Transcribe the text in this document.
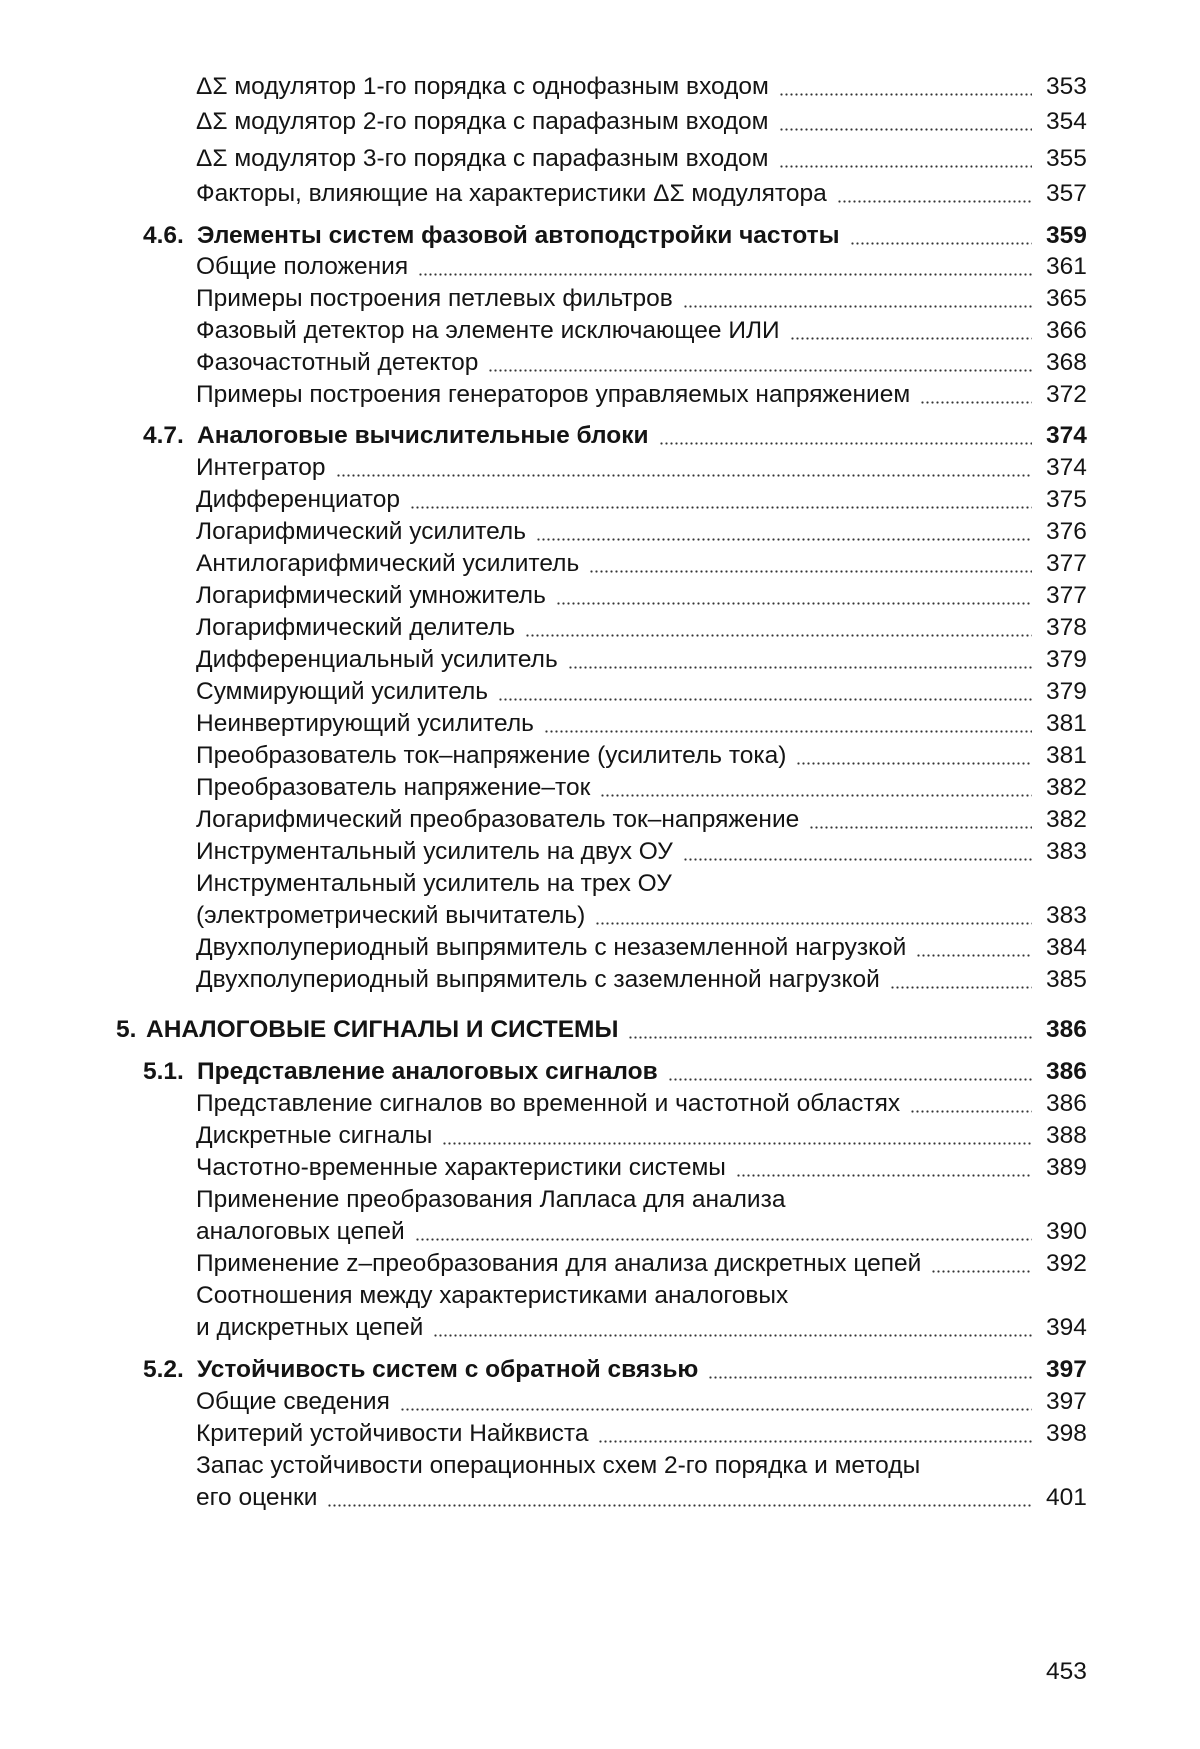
ΔΣ модулятор 1-го порядка с однофазным входом	353
ΔΣ модулятор 2-го порядка с парафазным входом	354
ΔΣ модулятор 3-го порядка с парафазным входом	355
Факторы, влияющие на характеристики ΔΣ модулятора	357
4.6. Элементы систем фазовой автоподстройки частоты	359
Общие положения	361
Примеры построения петлевых фильтров	365
Фазовый детектор на элементе исключающее ИЛИ	366
Фазочастотный детектор	368
Примеры построения генераторов управляемых напряжением	372
4.7. Аналоговые вычислительные блоки	374
Интегратор	374
Дифференциатор	375
Логарифмический усилитель	376
Антилогарифмический усилитель	377
Логарифмический умножитель	377
Логарифмический делитель	378
Дифференциальный усилитель	379
Суммирующий усилитель	379
Неинвертирующий усилитель	381
Преобразователь ток–напряжение (усилитель тока)	381
Преобразователь напряжение–ток	382
Логарифмический преобразователь ток–напряжение	382
Инструментальный усилитель на двух ОУ	383
Инструментальный усилитель на трех ОУ
(электрометрический вычитатель)	383
Двухполупериодный выпрямитель с незаземленной нагрузкой	384
Двухполупериодный выпрямитель с заземленной нагрузкой	385
5. АНАЛОГОВЫЕ СИГНАЛЫ И СИСТЕМЫ	386
5.1. Представление аналоговых сигналов	386
Представление сигналов во временной и частотной областях	386
Дискретные сигналы	388
Частотно-временные характеристики системы	389
Применение преобразования Лапласа для анализа
аналоговых цепей	390
Применение z–преобразования для анализа дискретных цепей	392
Соотношения между характеристиками аналоговых
и дискретных цепей	394
5.2. Устойчивость систем с обратной связью	397
Общие сведения	397
Критерий устойчивости Найквиста	398
Запас устойчивости операционных схем 2-го порядка и методы
его оценки	401
453
